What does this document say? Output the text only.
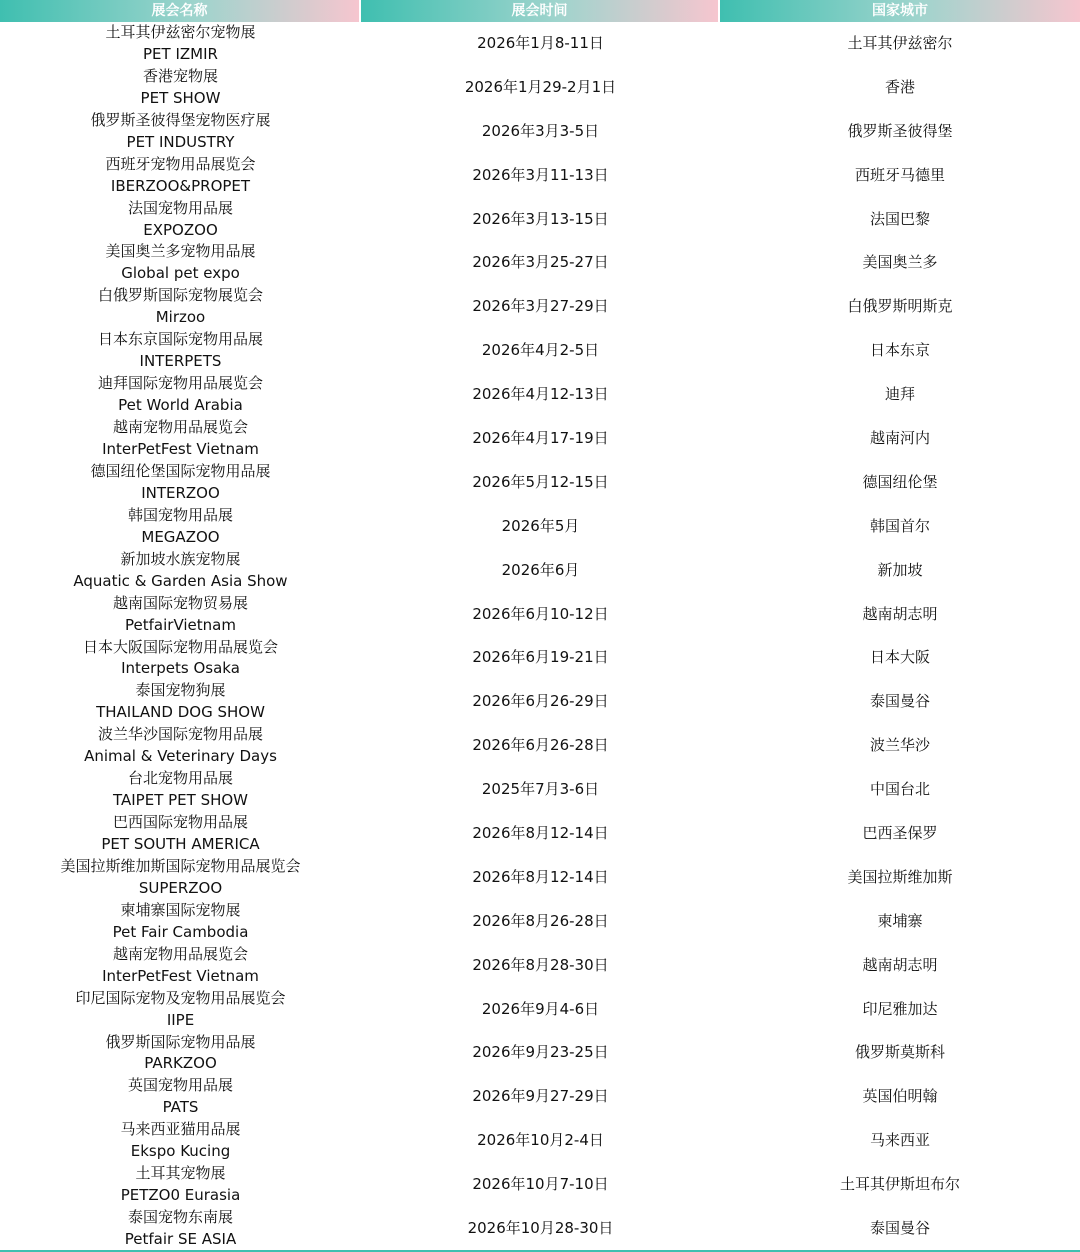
展会名称	展会时间	国家城市
土耳其伊兹密尔宠物展
PET IZMIR
2026年1月8-11日	土耳其伊兹密尔
香港宠物展
PET SHOW
2026年1月29-2月1日	香港
俄罗斯圣彼得堡宠物医疗展
PET INDUSTRY
2026年3月3-5日	俄罗斯圣彼得堡
西班牙宠物用品展览会
IBERZOO&PROPET
2026年3月11-13日	西班牙马德里
法国宠物用品展
EXPOZOO
2026年3月13-15日	法国巴黎
美国奥兰多宠物用品展
Global pet expo
2026年3月25-27日	美国奥兰多
白俄罗斯国际宠物展览会
Mirzoo
2026年3月27-29日	白俄罗斯明斯克
日本东京国际宠物用品展
INTERPETS
2026年4月2-5日	日本东京
迪拜国际宠物用品展览会
Pet World Arabia
2026年4月12-13日	迪拜
越南宠物用品展览会
InterPetFest Vietnam
2026年4月17-19日	越南河内
德国纽伦堡国际宠物用品展
INTERZOO
2026年5月12-15日	德国纽伦堡
韩国宠物用品展
MEGAZOO
2026年5月	韩国首尔
新加坡水族宠物展
Aquatic & Garden Asia Show
2026年6月	新加坡
越南国际宠物贸易展
PetfairVietnam
2026年6月10-12日	越南胡志明
日本大阪国际宠物用品展览会
Interpets Osaka
2026年6月19-21日	日本大阪
泰国宠物狗展
THAILAND DOG SHOW
2026年6月26-29日	泰国曼谷
波兰华沙国际宠物用品展
Animal & Veterinary Days
2026年6月26-28日	波兰华沙
台北宠物用品展
TAIPET PET SHOW
2025年7月3-6日	中国台北
巴西国际宠物用品展
PET SOUTH AMERICA
2026年8月12-14日	巴西圣保罗
美国拉斯维加斯国际宠物用品展览会
SUPERZOO
2026年8月12-14日	美国拉斯维加斯
柬埔寨国际宠物展
Pet Fair Cambodia
2026年8月26-28日	柬埔寨
越南宠物用品展览会
InterPetFest Vietnam
2026年8月28-30日	越南胡志明
印尼国际宠物及宠物用品展览会
IIPE
2026年9月4-6日	印尼雅加达
俄罗斯国际宠物用品展
PARKZOO
2026年9月23-25日	俄罗斯莫斯科
英国宠物用品展
PATS
2026年9月27-29日	英国伯明翰
马来西亚猫用品展
Ekspo Kucing
2026年10月2-4日	马来西亚
土耳其宠物展
PETZO0 Eurasia
2026年10月7-10日	土耳其伊斯坦布尔
泰国宠物东南展
Petfair SE ASIA
2026年10月28-30日	泰国曼谷
